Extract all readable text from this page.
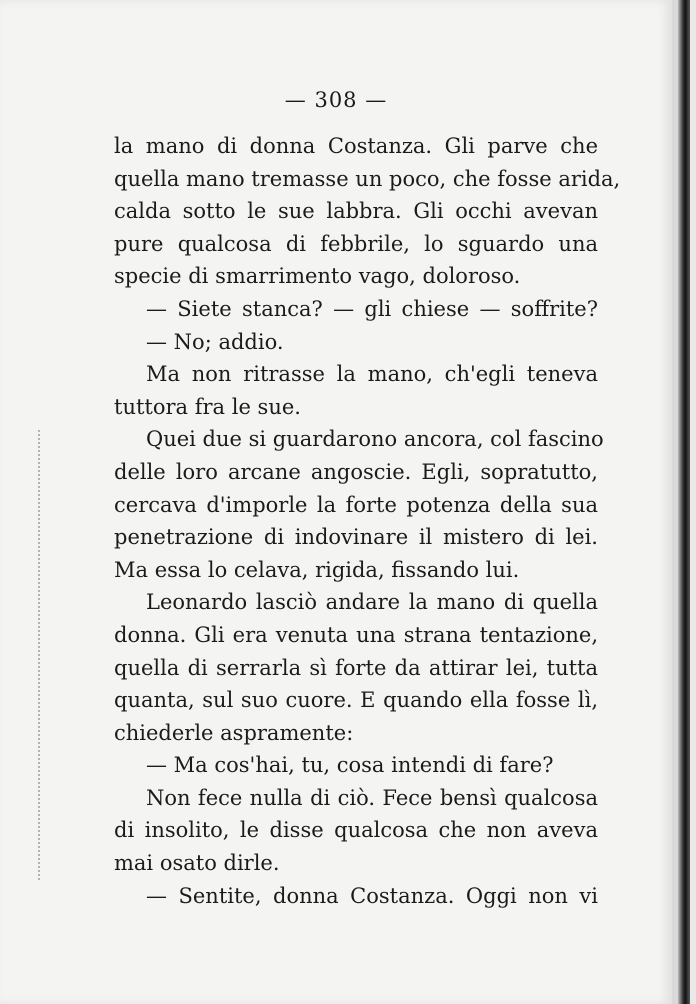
— 308 —
la mano di donna Costanza. Gli parve che
quella mano tremasse un poco, che fosse arida,
calda sotto le sue labbra. Gli occhi avevan
pure qualcosa di febbrile, lo sguardo una
specie di smarrimento vago, doloroso.
— Siete stanca? — gli chiese — soffrite?
— No; addio.
Ma non ritrasse la mano, ch'egli teneva
tuttora fra le sue.
Quei due si guardarono ancora, col fascino
delle loro arcane angoscie. Egli, sopratutto,
cercava d'imporle la forte potenza della sua
penetrazione di indovinare il mistero di lei.
Ma essa lo celava, rigida, fissando lui.
Leonardo lasciò andare la mano di quella
donna. Gli era venuta una strana tentazione,
quella di serrarla sì forte da attirar lei, tutta
quanta, sul suo cuore. E quando ella fosse lì,
chiederle aspramente:
— Ma cos'hai, tu, cosa intendi di fare?
Non fece nulla di ciò. Fece bensì qualcosa
di insolito, le disse qualcosa che non aveva
mai osato dirle.
— Sentite, donna Costanza. Oggi non vi
